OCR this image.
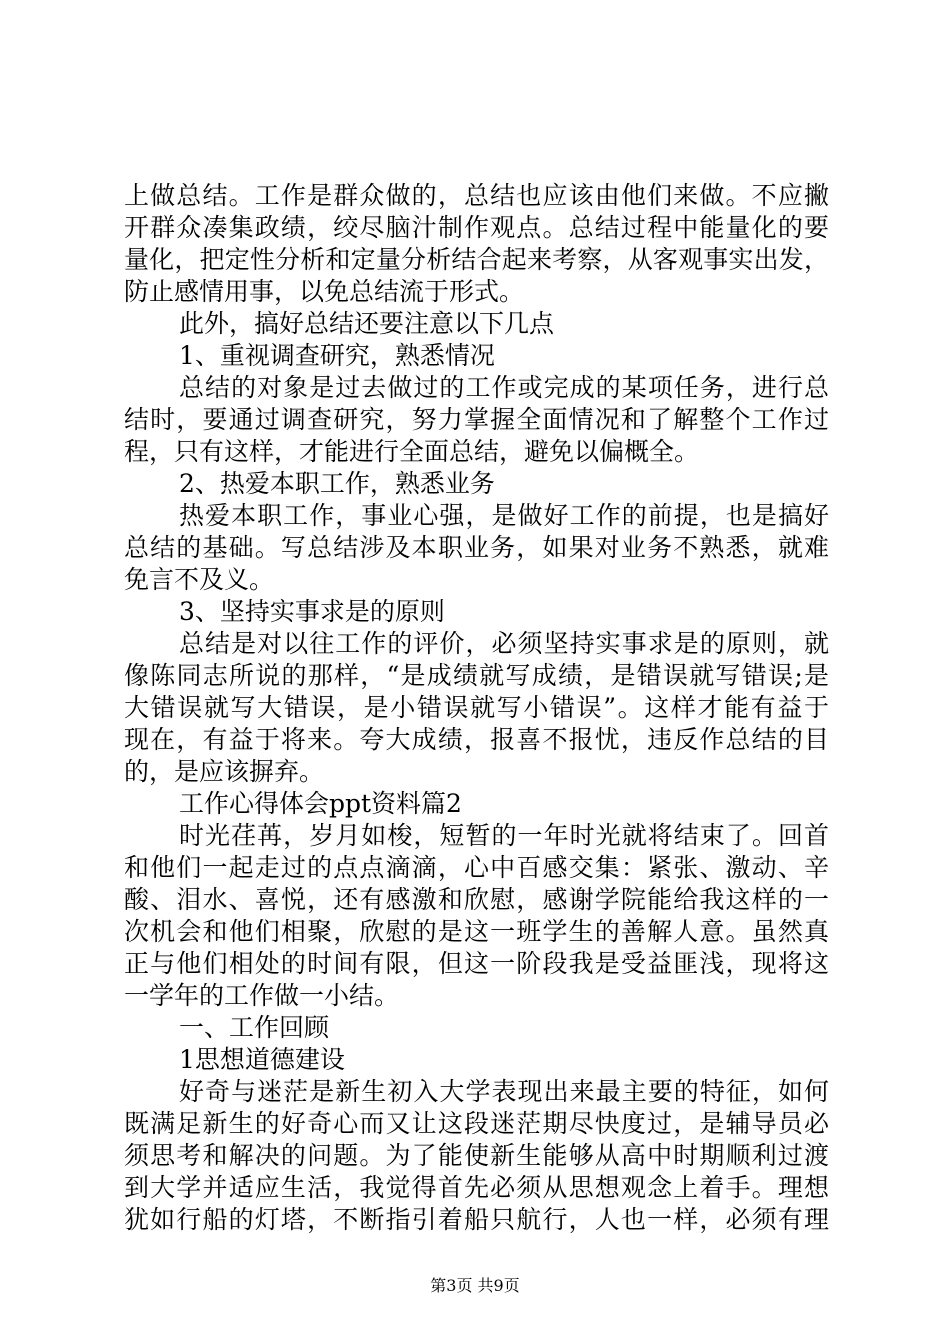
上做总结。工作是群众做的，总结也应该由他们来做。不应撇
开群众凑集政绩，绞尽脑汁制作观点。总结过程中能量化的要
量化，把定性分析和定量分析结合起来考察，从客观事实出发，
防止感情用事，以免总结流于形式。
此外，搞好总结还要注意以下几点
1、重视调查研究，熟悉情况
总结的对象是过去做过的工作或完成的某项任务，进行总
结时，要通过调查研究，努力掌握全面情况和了解整个工作过
程，只有这样，才能进行全面总结，避免以偏概全。
2、热爱本职工作，熟悉业务
热爱本职工作，事业心强，是做好工作的前提，也是搞好
总结的基础。写总结涉及本职业务，如果对业务不熟悉，就难
免言不及义。
3、坚持实事求是的原则
总结是对以往工作的评价，必须坚持实事求是的原则，就
像陈同志所说的那样，“是成绩就写成绩，是错误就写错误;是
大错误就写大错误，是小错误就写小错误”。这样才能有益于
现在，有益于将来。夸大成绩，报喜不报忧，违反作总结的目
的，是应该摒弃。
工作心得体会ppt资料篇2
时光荏苒，岁月如梭，短暂的一年时光就将结束了。回首
和他们一起走过的点点滴滴，心中百感交集：紧张、激动、辛
酸、泪水、喜悦，还有感激和欣慰，感谢学院能给我这样的一
次机会和他们相聚，欣慰的是这一班学生的善解人意。虽然真
正与他们相处的时间有限，但这一阶段我是受益匪浅，现将这
一学年的工作做一小结。
一、工作回顾
1思想道德建设
好奇与迷茫是新生初入大学表现出来最主要的特征，如何
既满足新生的好奇心而又让这段迷茫期尽快度过，是辅导员必
须思考和解决的问题。为了能使新生能够从高中时期顺利过渡
到大学并适应生活，我觉得首先必须从思想观念上着手。理想
犹如行船的灯塔，不断指引着船只航行，人也一样，必须有理
第3页 共9页
